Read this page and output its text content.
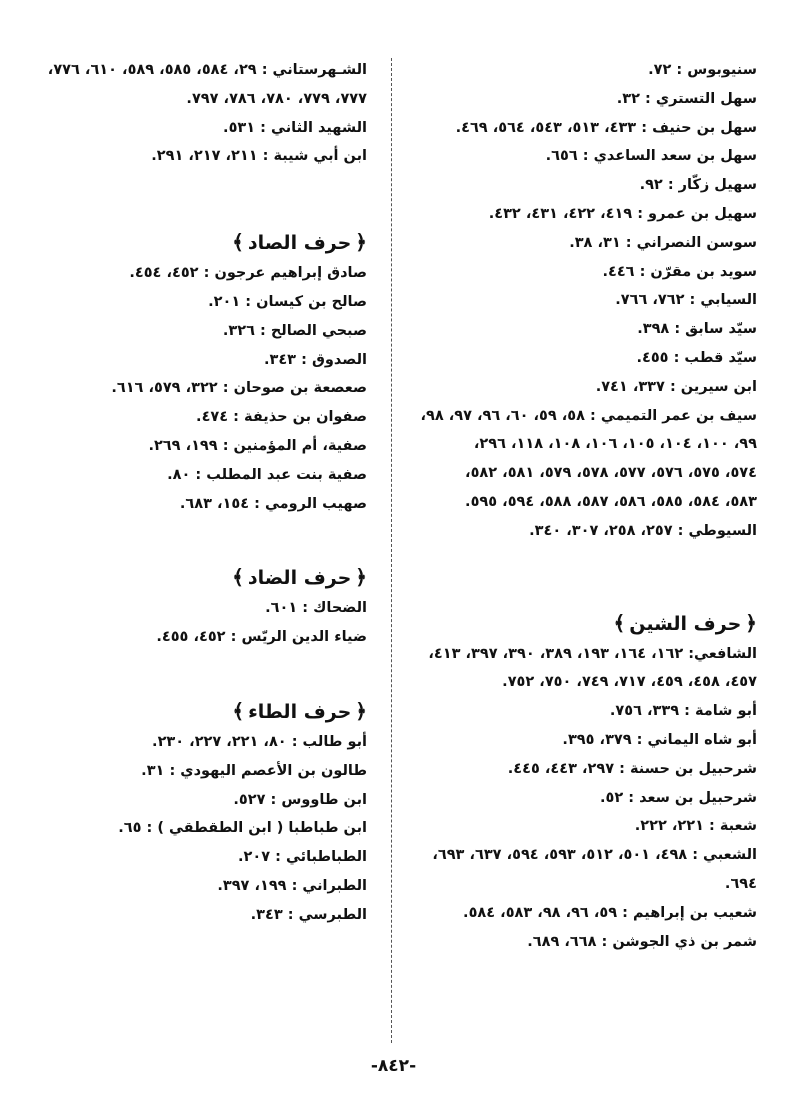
سنيوبوس : ٧٢.
سهل التستري : ٣٢.
سهل بن حنيف : ٤٣٣، ٥١٣، ٥٤٣، ٥٦٤، ٤٦٩.
سهل بن سعد الساعدي : ٦٥٦.
سهيل زكّار : ٩٢.
سهيل بن عمرو : ٤١٩، ٤٢٢، ٤٣١، ٤٣٢.
سوسن النصراني : ٣١، ٣٨.
سويد بن مقرّن : ٤٤٦.
السيابي : ٧٦٢، ٧٦٦.
سيّد سابق : ٣٩٨.
سيّد قطب : ٤٥٥.
ابن سيرين : ٣٣٧، ٧٤١.
سيف بن عمر التميمي : ٥٨، ٥٩، ٦٠، ٩٦، ٩٧، ٩٨،
٩٩، ١٠٠، ١٠٤، ١٠٥، ١٠٦، ١٠٨، ١١٨، ٢٩٦،
٥٧٤، ٥٧٥، ٥٧٦، ٥٧٧، ٥٧٨، ٥٧٩، ٥٨١، ٥٨٢،
٥٨٣، ٥٨٤، ٥٨٥، ٥٨٦، ٥٨٧، ٥٨٨، ٥٩٤، ٥٩٥.
السيوطي : ٢٥٧، ٢٥٨، ٣٠٧، ٣٤٠.
﴿حرف الشين﴾
الشافعي: ١٦٢، ١٦٤، ١٩٣، ٣٨٩، ٣٩٠، ٣٩٧، ٤١٣،
٤٥٧، ٤٥٨، ٤٥٩، ٧١٧، ٧٤٩، ٧٥٠، ٧٥٢.
أبو شامة : ٣٣٩، ٧٥٦.
أبو شاه اليماني : ٣٧٩، ٣٩٥.
شرحبيل بن حسنة : ٢٩٧، ٤٤٣، ٤٤٥.
شرحبيل بن سعد : ٥٢.
شعبة : ٢٢١، ٢٢٢.
الشعبي : ٤٩٨، ٥٠١، ٥١٢، ٥٩٣، ٥٩٤، ٦٣٧، ٦٩٣،
٦٩٤.
شعيب بن إبراهيم : ٥٩، ٩٦، ٩٨، ٥٨٣، ٥٨٤.
شمر بن ذي الجوشن : ٦٦٨، ٦٨٩.
الشـهرستاني : ٢٩، ٥٨٤، ٥٨٥، ٥٨٩، ٦١٠، ٧٧٦،
٧٧٧، ٧٧٩، ٧٨٠، ٧٨٦، ٧٩٧.
الشهيد الثاني : ٥٣١.
ابن أبي شيبة : ٢١١، ٢١٧، ٢٩١.
﴿حرف الصاد﴾
صادق إبراهيم عرجون : ٤٥٢، ٤٥٤.
صالح بن كيسان : ٢٠١.
صبحي الصالح : ٣٢٦.
الصدوق : ٣٤٣.
صعصعة بن صوحان : ٣٢٢، ٥٧٩، ٦١٦.
صفوان بن حذيفة : ٤٧٤.
صفية، أم المؤمنين : ١٩٩، ٢٦٩.
صفية بنت عبد المطلب : ٨٠.
صهيب الرومي : ١٥٤، ٦٨٣.
﴿حرف الضاد﴾
الضحاك : ٦٠١.
ضياء الدين الريّس : ٤٥٢، ٤٥٥.
﴿حرف الطاء﴾
أبو طالب : ٨٠، ٢٢١، ٢٢٧، ٢٣٠.
طالون بن الأعصم اليهودي : ٣١.
ابن طاووس : ٥٢٧.
ابن طباطبا ( ابن الطقطقي ) : ٦٥.
الطباطبائي : ٢٠٧.
الطبراني : ١٩٩، ٣٩٧.
الطبرسي : ٣٤٣.
-٨٤٢-
